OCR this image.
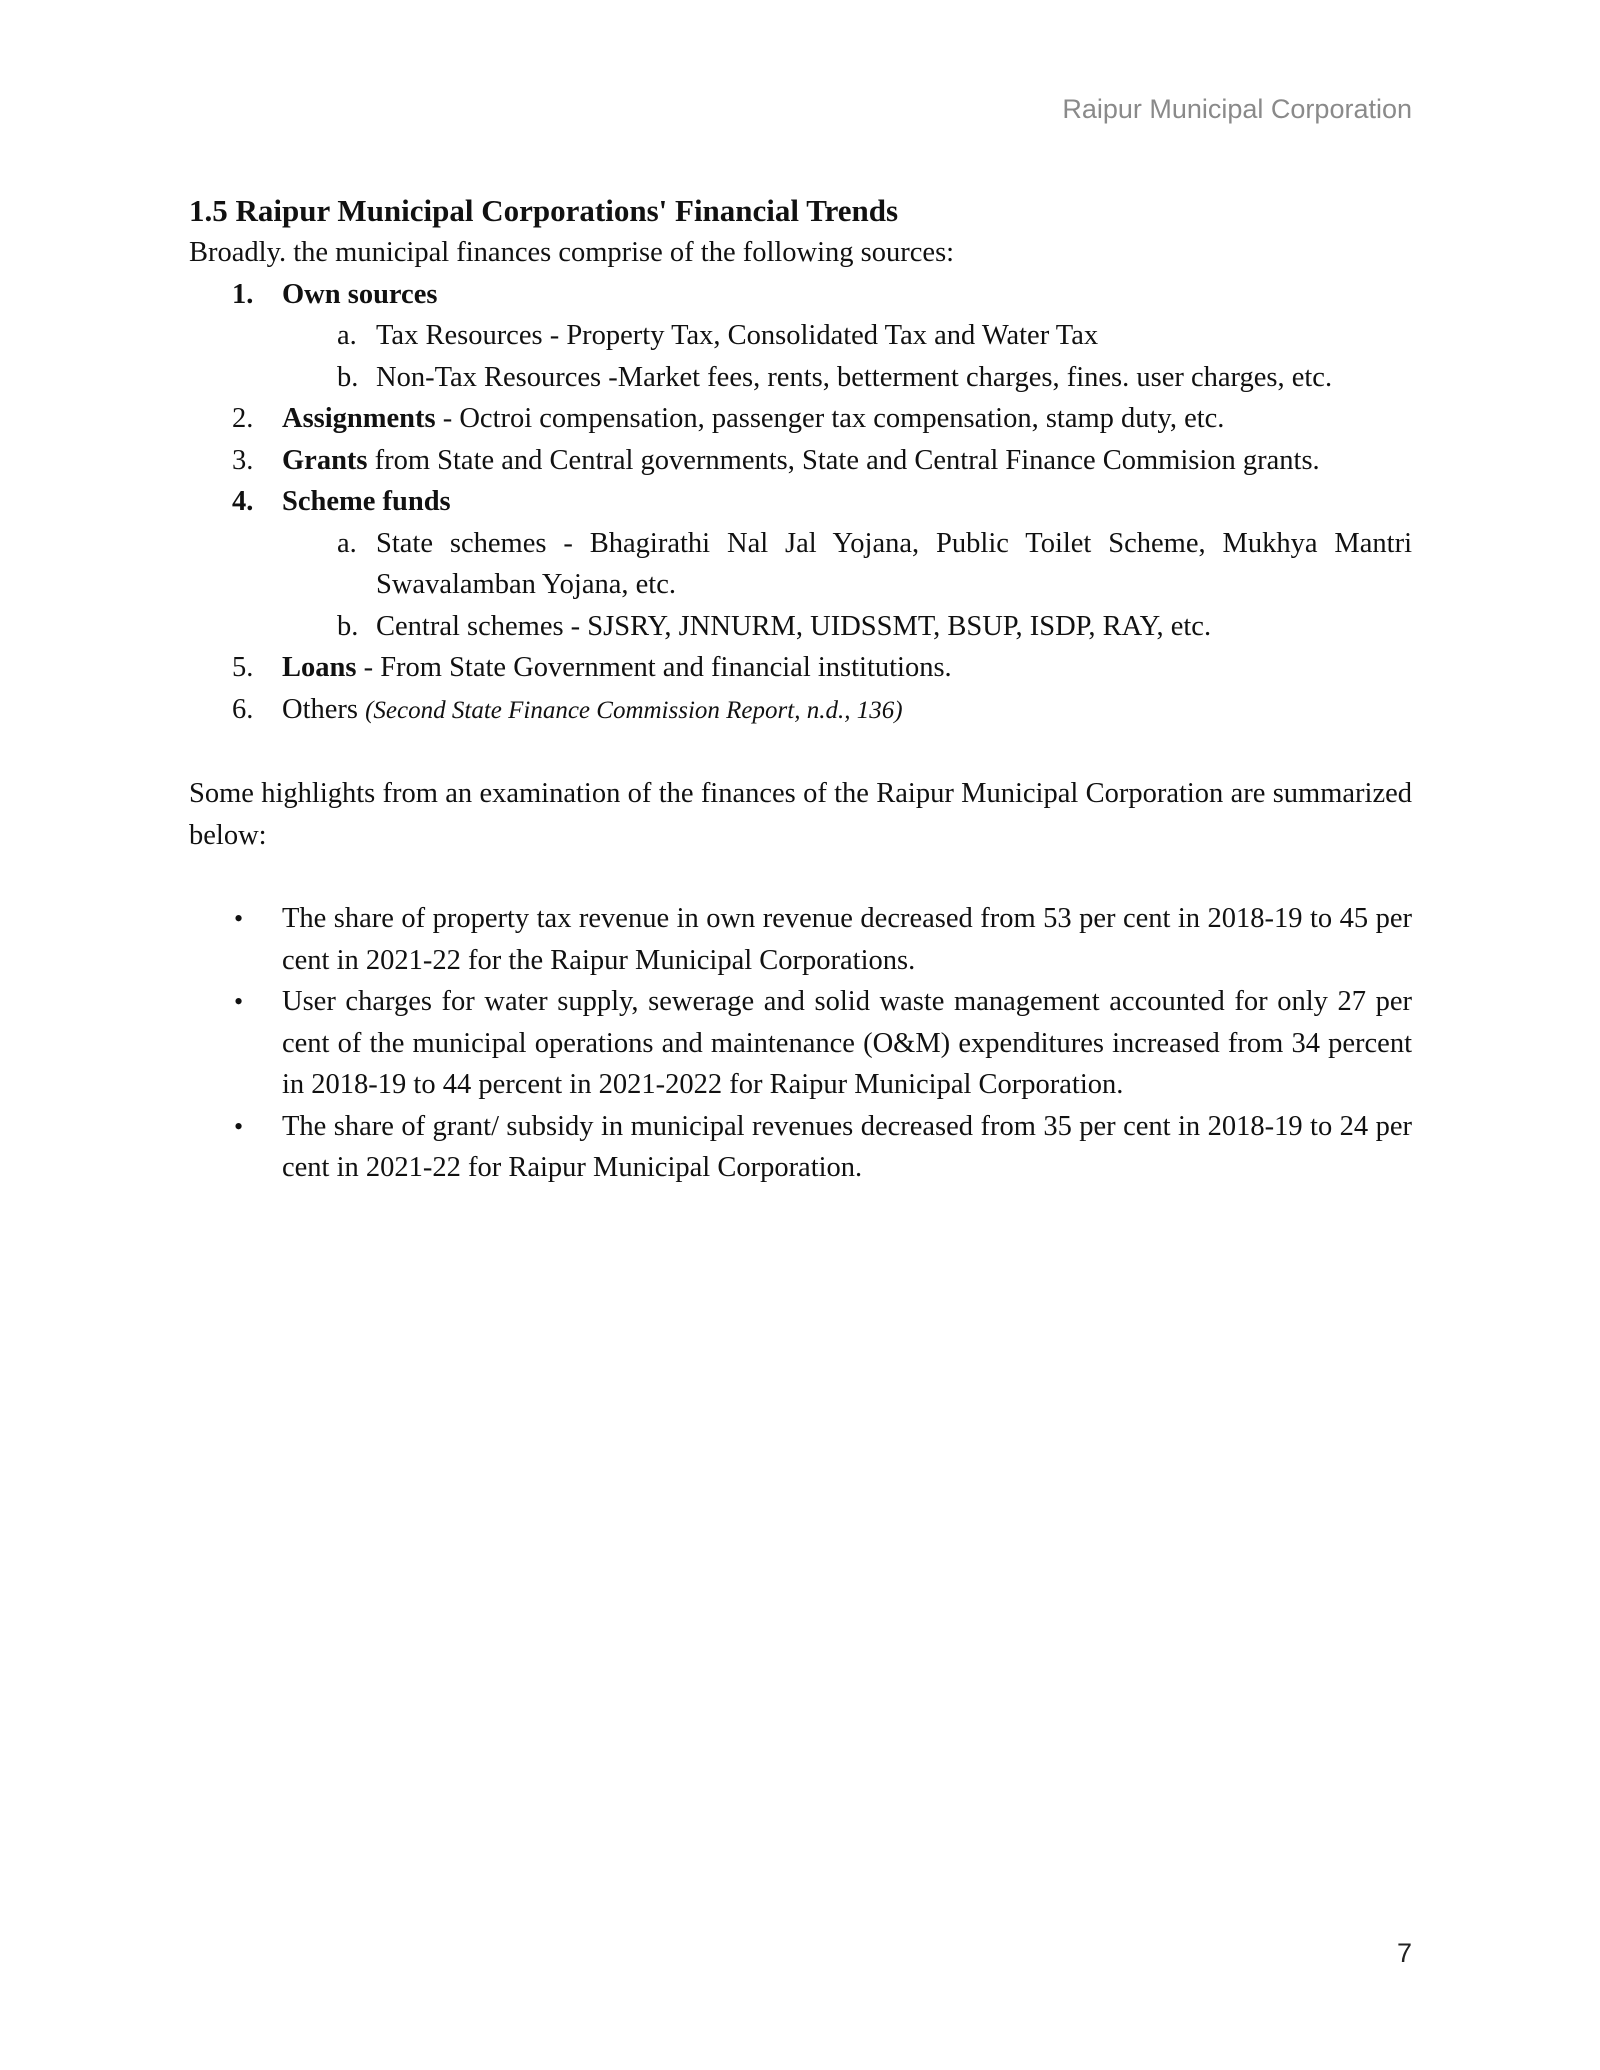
Raipur Municipal Corporation
1.5 Raipur Municipal Corporations' Financial Trends

Broadly. the municipal finances comprise of the following sources:

1.	Own sources
a. Tax Resources - Property Tax, Consolidated Tax and Water Tax
b. Non-Tax Resources -Market fees, rents, betterment charges, fines. user charges, etc.
2.	Assignments - Octroi compensation, passenger tax compensation, stamp duty, etc.
3.	Grants from State and Central governments, State and Central Finance Commision grants.
4.	Scheme funds
a. State schemes - Bhagirathi Nal Jal Yojana, Public Toilet Scheme, Mukhya Mantri Swavalamban Yojana, etc.
b. Central schemes - SJSRY, JNNURM, UIDSSMT, BSUP, ISDP, RAY, etc.
5.	Loans - From State Government and financial institutions.
6.	Others (Second State Finance Commission Report, n.d., 136)

Some highlights from an examination of the finances of the Raipur Municipal Corporation are summarized below:

•	The share of property tax revenue in own revenue decreased from 53 per cent in 2018-19 to 45 per cent in 2021-22 for the Raipur Municipal Corporations.
•	User charges for water supply, sewerage and solid waste management accounted for only 27 per cent of the municipal operations and maintenance (O&M) expenditures increased from 34 percent in 2018-19 to 44 percent in 2021-2022 for Raipur Municipal Corporation.
•	The share of grant/ subsidy in municipal revenues decreased from 35 per cent in 2018-19 to 24 per cent in 2021-22 for Raipur Municipal Corporation.
7
